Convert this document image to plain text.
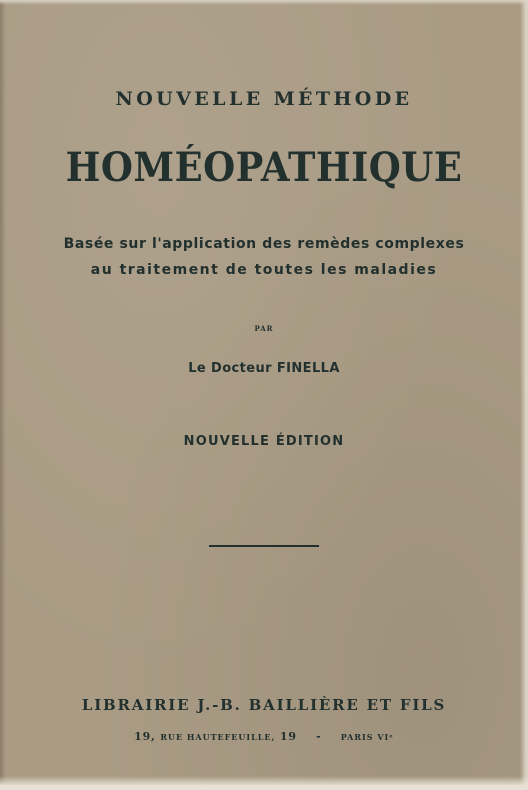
NOUVELLE MÉTHODE
HOMÉOPATHIQUE
Basée sur l'application des remèdes complexes
au traitement de toutes les maladies
PAR
Le Docteur FINELLA
NOUVELLE ÉDITION
LIBRAIRIE J.-B. BAILLIÈRE ET FILS
19, RUE HAUTEFEUILLE, 19 - PARIS VIᵉ
